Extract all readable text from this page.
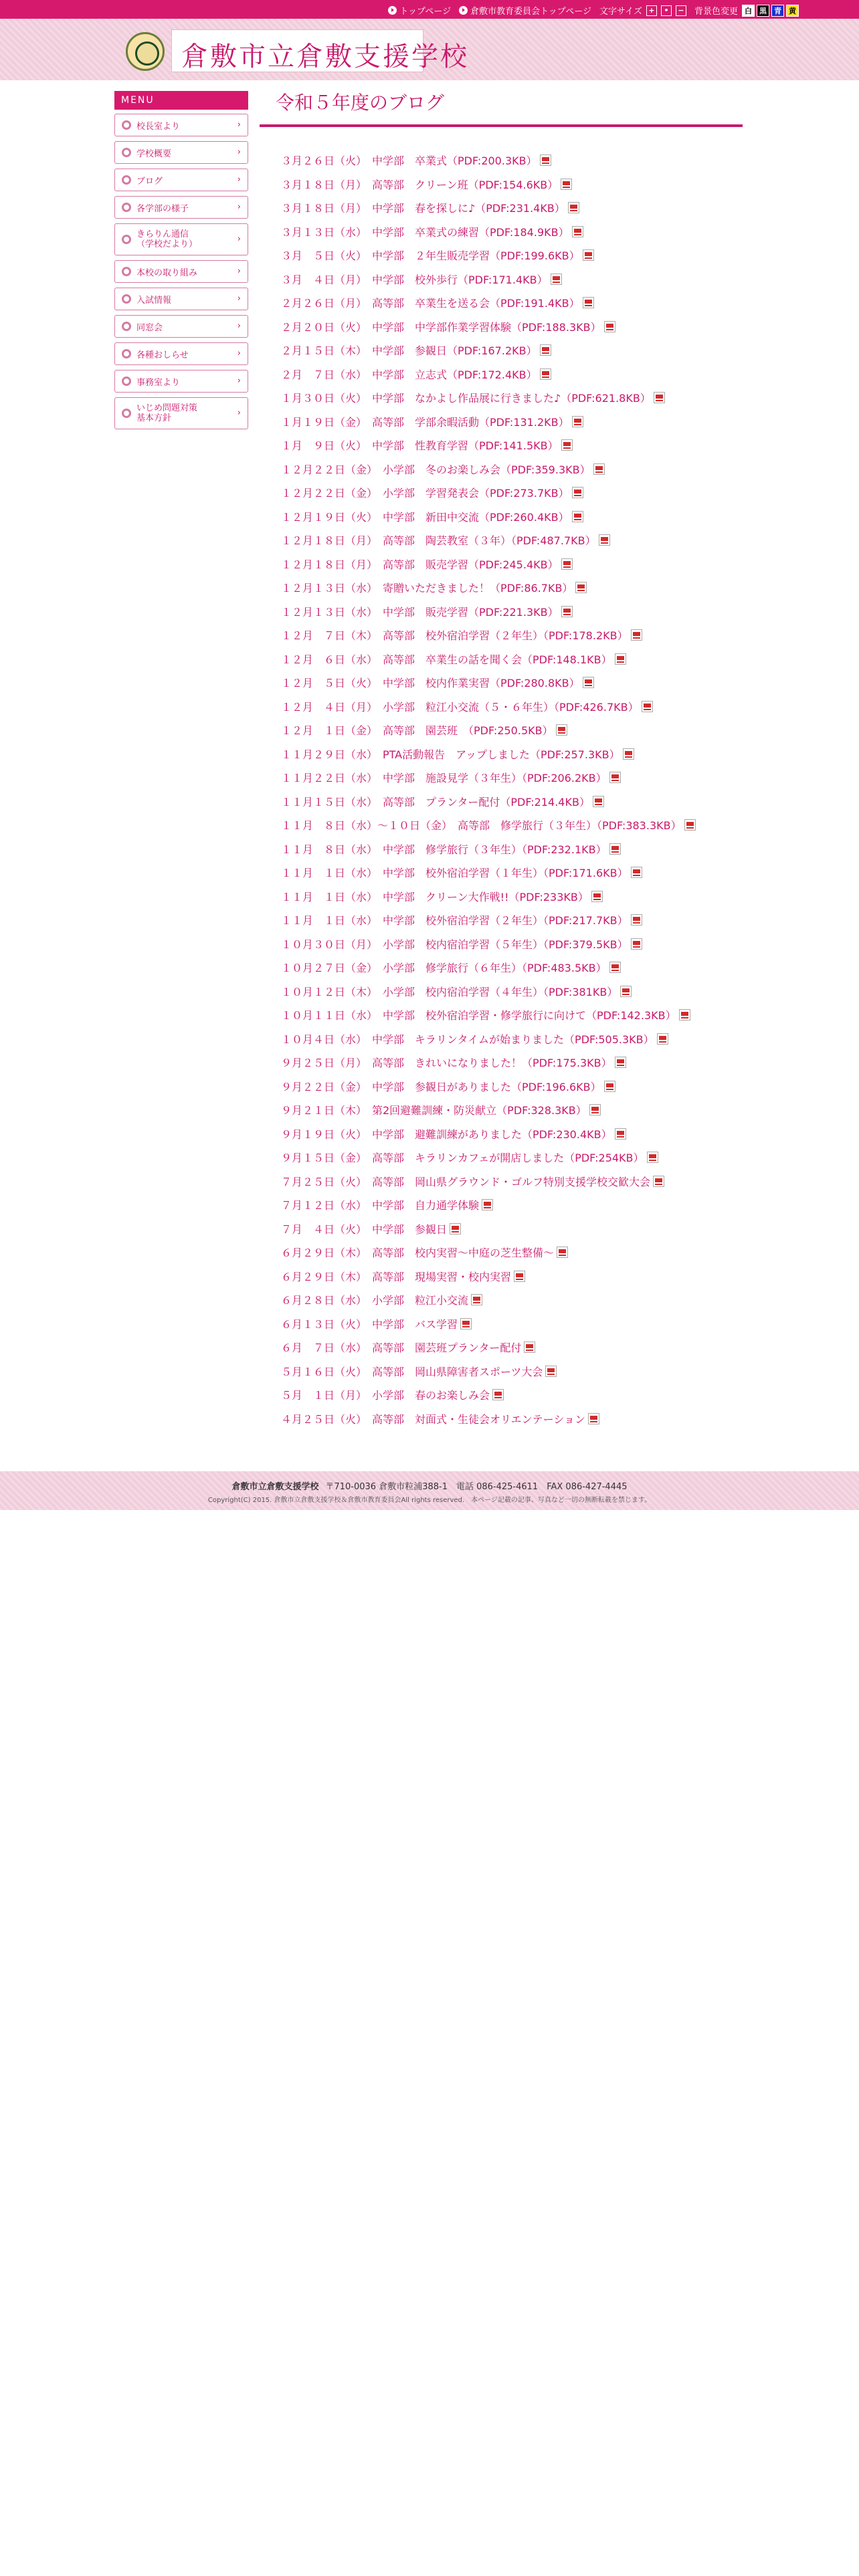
トップページ 倉敷市教育委員会トップページ 文字サイズ +	•	− 背景色変更 白	黒	青	黄
倉敷市立倉敷支援学校
MENU
校長室より	›
学校概要	›
ブログ	›
各学部の様子	›
きらりん通信
（学校だより）
›
本校の取り組み	›
入試情報	›
同窓会	›
各種おしらせ	›
事務室より	›
いじめ問題対策
基本方針
›
令和５年度のブログ
３月２６日（火）　中学部　卒業式（PDF:200.3KB）
３月１８日（月）　高等部　クリーン班（PDF:154.6KB）
３月１８日（月）　中学部　春を探しに♪（PDF:231.4KB）
３月１３日（水）　中学部　卒業式の練習（PDF:184.9KB）
３月　５日（火）　中学部　２年生販売学習（PDF:199.6KB）
３月　４日（月）　中学部　校外歩行（PDF:171.4KB）
２月２６日（月）　高等部　卒業生を送る会（PDF:191.4KB）
２月２０日（火）　中学部　中学部作業学習体験（PDF:188.3KB）
２月１５日（木）　中学部　参観日（PDF:167.2KB）
２月　７日（水）　中学部　立志式（PDF:172.4KB）
１月３０日（火）　中学部　なかよし作品展に行きました♪（PDF:621.8KB）
１月１９日（金）　高等部　学部余暇活動（PDF:131.2KB）
１月　９日（火）　中学部　性教育学習（PDF:141.5KB）
１２月２２日（金）　小学部　冬のお楽しみ会（PDF:359.3KB）
１２月２２日（金）　小学部　学習発表会（PDF:273.7KB）
１２月１９日（火）　中学部　新田中交流（PDF:260.4KB）
１２月１８日（月）　高等部　陶芸教室（３年）（PDF:487.7KB）
１２月１８日（月）　高等部　販売学習（PDF:245.4KB）
１２月１３日（水）　寄贈いただきました！（PDF:86.7KB）
１２月１３日（水）　中学部　販売学習（PDF:221.3KB）
１２月　７日（木）　高等部　校外宿泊学習（２年生）（PDF:178.2KB）
１２月　６日（水）　高等部　卒業生の話を聞く会（PDF:148.1KB）
１２月　５日（火）　中学部　校内作業実習（PDF:280.8KB）
１２月　４日（月）　小学部　粒江小交流（５・６年生）（PDF:426.7KB）
１２月　１日（金）　高等部　園芸班　（PDF:250.5KB）
１１月２９日（水）　PTA活動報告　アップしました（PDF:257.3KB）
１１月２２日（水）　中学部　施設見学（３年生）（PDF:206.2KB）
１１月１５日（水）　高等部　プランター配付（PDF:214.4KB）
１１月　８日（水）～１０日（金）　高等部　修学旅行（３年生）（PDF:383.3KB）
１１月　８日（水）　中学部　修学旅行（３年生）（PDF:232.1KB）
１１月　１日（水）　中学部　校外宿泊学習（１年生）（PDF:171.6KB）
１１月　１日（水）　中学部　クリーン大作戦!!（PDF:233KB）
１１月　１日（水）　中学部　校外宿泊学習（２年生）（PDF:217.7KB）
１０月３０日（月）　小学部　校内宿泊学習（５年生）（PDF:379.5KB）
１０月２７日（金）　小学部　修学旅行（６年生）（PDF:483.5KB）
１０月１２日（木）　小学部　校内宿泊学習（４年生）（PDF:381KB）
１０月１１日（水）　中学部　校外宿泊学習・修学旅行に向けて（PDF:142.3KB）
１０月４日（水）　中学部　キラリンタイムが始まりました（PDF:505.3KB）
９月２５日（月）　高等部　きれいになりました！（PDF:175.3KB）
９月２２日（金）　中学部　参観日がありました（PDF:196.6KB）
９月２１日（木）　第2回避難訓練・防災献立（PDF:328.3KB）
９月１９日（火）　中学部　避難訓練がありました（PDF:230.4KB）
９月１５日（金）　高等部　キラリンカフェが開店しました（PDF:254KB）
７月２５日（火）　高等部　岡山県グラウンド・ゴルフ特別支援学校交歓大会
７月１２日（水）　中学部　自力通学体験
７月　４日（火）　中学部　参観日
６月２９日（木）　高等部　校内実習～中庭の芝生整備～
６月２９日（木）　高等部　現場実習・校内実習
６月２８日（水）　小学部　粒江小交流
６月１３日（火）　中学部　バス学習
６月　７日（水）　高等部　園芸班プランター配付
５月１６日（火）　高等部　岡山県障害者スポーツ大会
５月　１日（月）　小学部　春のお楽しみ会
４月２５日（火）　高等部　対面式・生徒会オリエンテーション
倉敷市立倉敷支援学校 〒710-0036 倉敷市粒浦388-1　電話 086-425-4611　FAX 086-427-4445
Copyright(C) 2015. 倉敷市立倉敷支援学校＆倉敷市教育委員会All rights reserved.　本ページ記載の記事、写真など一切の無断転載を禁じます。
